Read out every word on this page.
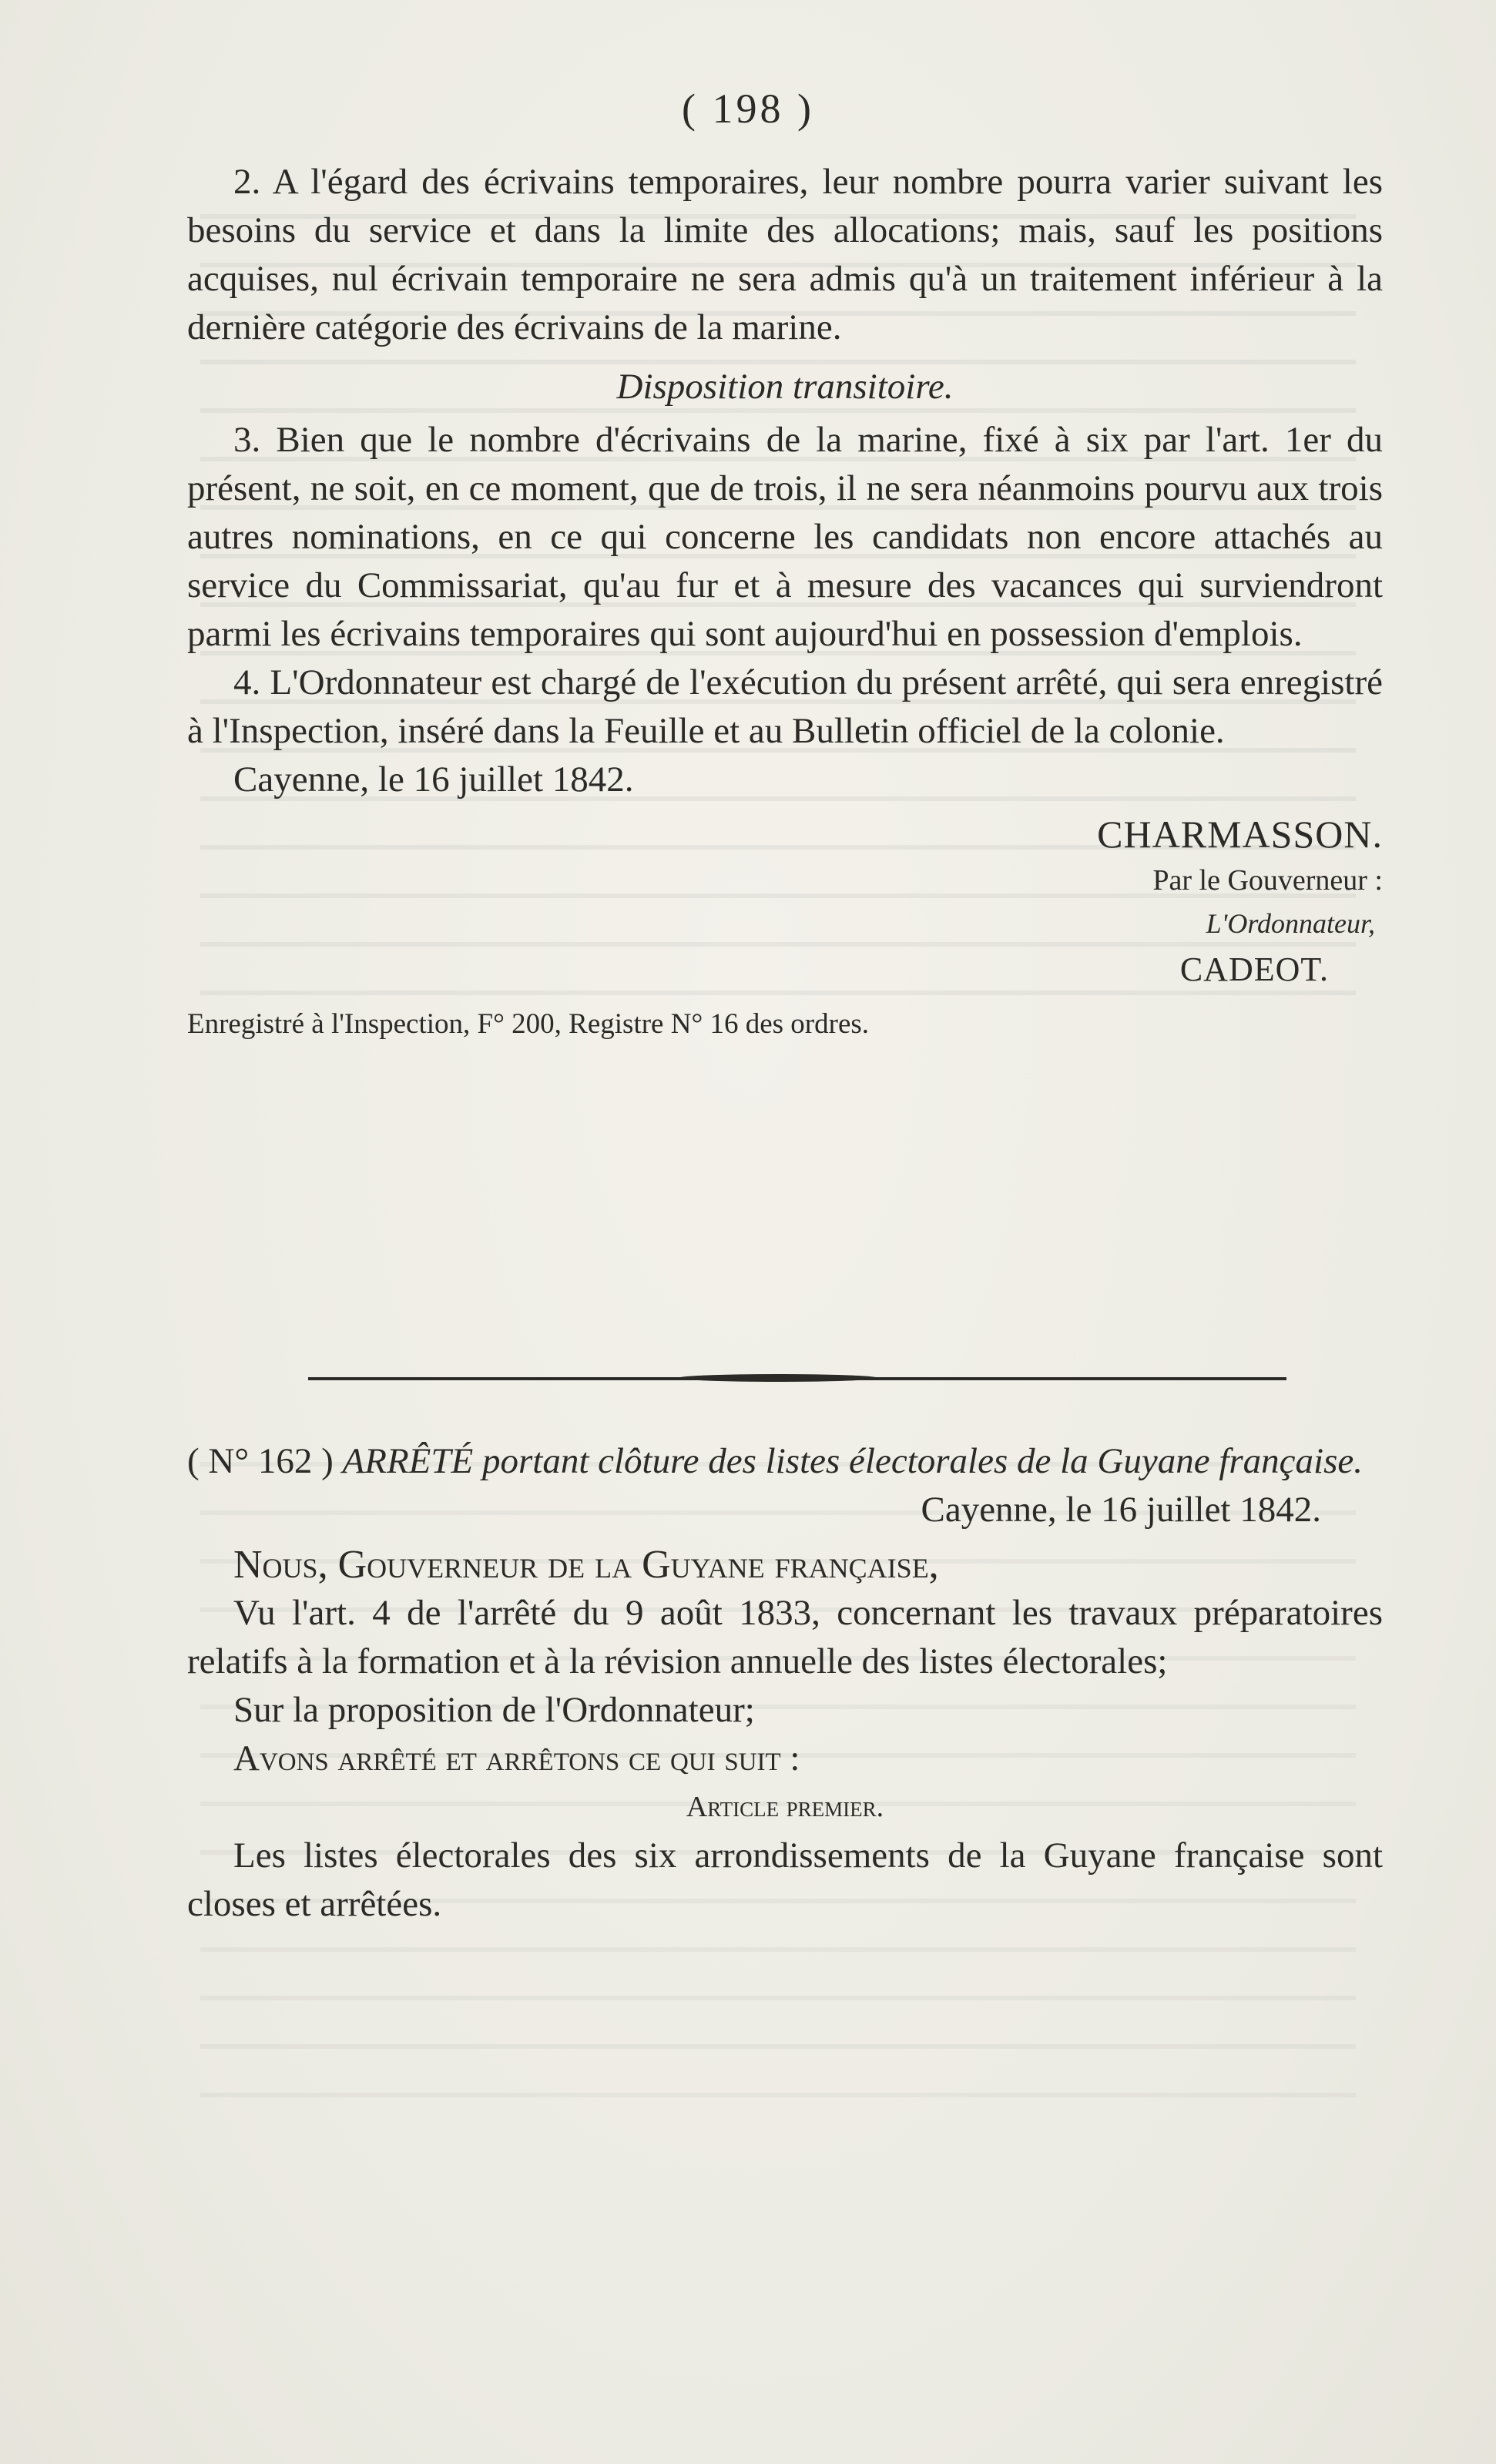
( 198 )

2. A l'égard des écrivains temporaires, leur nombre pourra varier suivant les besoins du service et dans la limite des allocations; mais, sauf les positions acquises, nul écrivain temporaire ne sera admis qu'à un traitement inférieur à la dernière catégorie des écrivains de la marine.

Disposition transitoire.

3. Bien que le nombre d'écrivains de la marine, fixé à six par l'art. 1er du présent, ne soit, en ce moment, que de trois, il ne sera néanmoins pourvu aux trois autres nominations, en ce qui concerne les candidats non encore attachés au service du Commissariat, qu'au fur et à mesure des vacances qui surviendront parmi les écrivains temporaires qui sont aujourd'hui en possession d'emplois.

4. L'Ordonnateur est chargé de l'exécution du présent arrêté, qui sera enregistré à l'Inspection, inséré dans la Feuille et au Bulletin officiel de la colonie.

Cayenne, le 16 juillet 1842.

CHARMASSON.
Par le Gouverneur :
L'Ordonnateur,
CADEOT.

Enregistré à l'Inspection, F° 200, Registre N° 16 des ordres.

( N° 162 ) ARRÊTÉ portant clôture des listes électorales de la Guyane française.

Cayenne, le 16 juillet 1842.

Nous, Gouverneur de la Guyane française,

Vu l'art. 4 de l'arrêté du 9 août 1833, concernant les travaux préparatoires relatifs à la formation et à la révision annuelle des listes électorales;

Sur la proposition de l'Ordonnateur;

Avons arrêté et arrêtons ce qui suit :

Article premier.

Les listes électorales des six arrondissements de la Guyane française sont closes et arrêtées.
